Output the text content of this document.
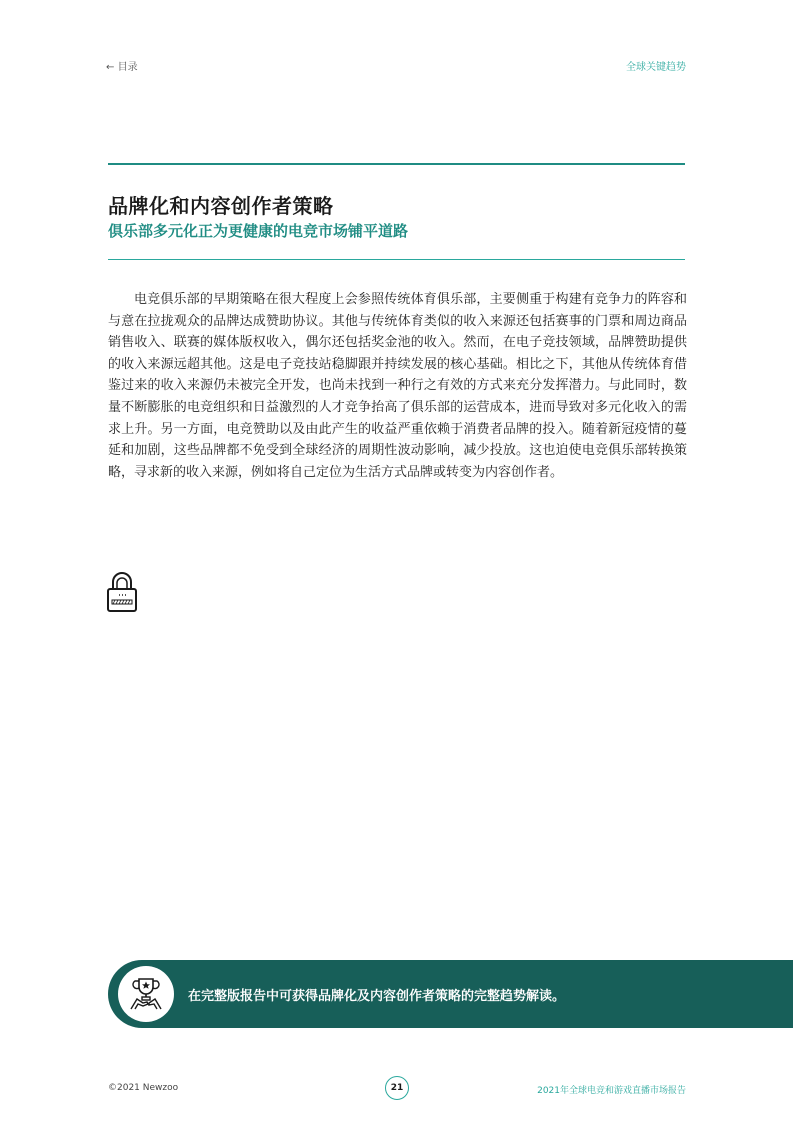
← 目录	全球关键趋势
品牌化和内容创作者策略
俱乐部多元化正为更健康的电竞市场铺平道路

电竞俱乐部的早期策略在很大程度上会参照传统体育俱乐部，主要侧重于构建有竞争力的阵容和与意在拉拢观众的品牌达成赞助协议。其他与传统体育类似的收入来源还包括赛事的门票和周边商品销售收入、联赛的媒体版权收入，偶尔还包括奖金池的收入。然而，在电子竞技领域，品牌赞助提供的收入来源远超其他。这是电子竞技站稳脚跟并持续发展的核心基础。相比之下，其他从传统体育借鉴过来的收入来源仍未被完全开发，也尚未找到一种行之有效的方式来充分发挥潜力。与此同时，数量不断膨胀的电竞组织和日益激烈的人才竞争抬高了俱乐部的运营成本，进而导致对多元化收入的需求上升。另一方面，电竞赞助以及由此产生的收益严重依赖于消费者品牌的投入。随着新冠疫情的蔓延和加剧，这些品牌都不免受到全球经济的周期性波动影响，减少投放。这也迫使电竞俱乐部转换策略，寻求新的收入来源，例如将自己定位为生活方式品牌或转变为内容创作者。

在完整版报告中可获得品牌化及内容创作者策略的完整趋势解读。
©2021 Newzoo	21	2021年全球电竞和游戏直播市场报告
